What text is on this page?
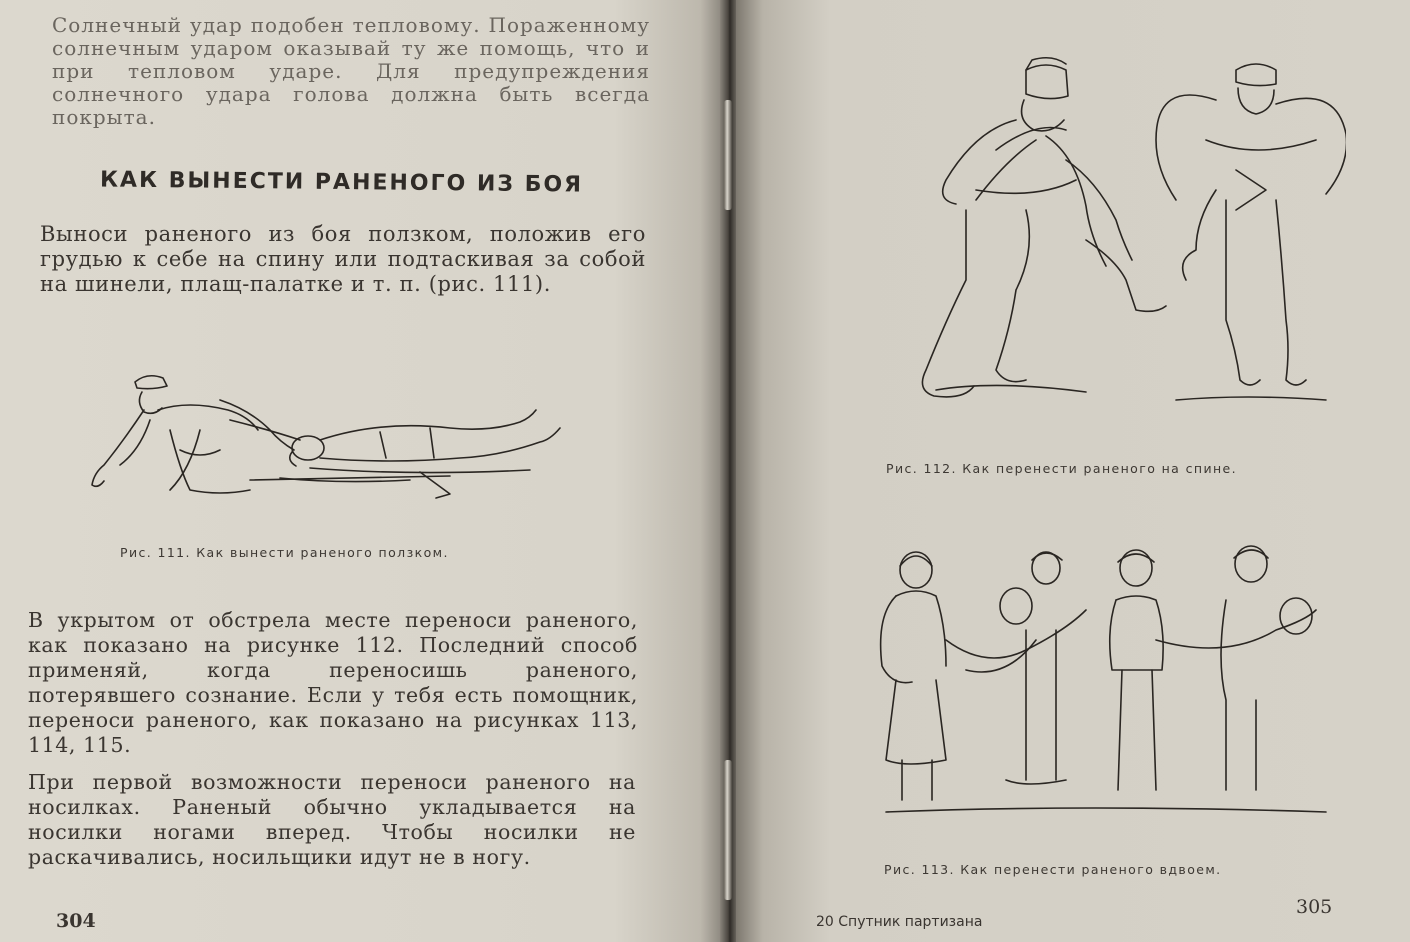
Солнечный удар подобен тепловому. Пораженному солнечным ударом оказывай ту же помощь, что и при тепловом ударе. Для предупреждения солнечного удара голова должна быть всегда покрыта.
КАК ВЫНЕСТИ РАНЕНОГО ИЗ БОЯ
Выноси раненого из боя ползком, положив его грудью к себе на спину или подтаскивая за собой на шинели, плащ-палатке и т. п. (рис. 111).
Рис. 111. Как вынести раненого ползком.
В укрытом от обстрела месте переноси раненого, как показано на рисунке 112. Последний способ применяй, когда переносишь раненого, потерявшего сознание. Если у тебя есть помощник, переноси раненого, как показано на рисунках 113, 114, 115.
При первой возможности переноси раненого на носилках. Раненый обычно укладывается на носилки ногами вперед. Чтобы носилки не раскачивались, носильщики идут не в ногу.
304
Рис. 112. Как перенести раненого на спине.
Рис. 113. Как перенести раненого вдвоем.
20 Спутник партизана
305
